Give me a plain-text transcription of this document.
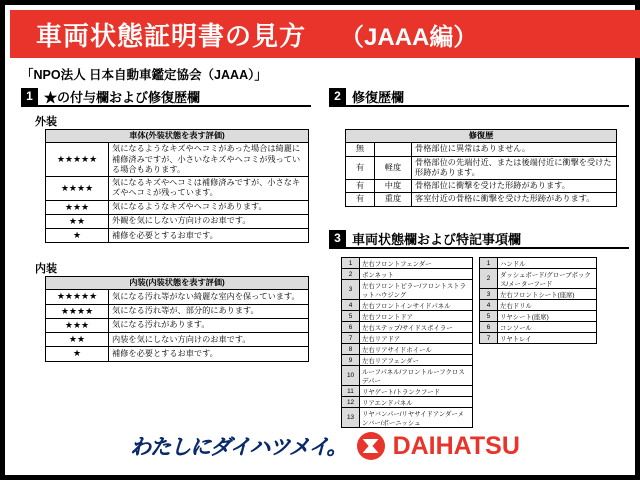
車両状態証明書の見方 （JAAA編）
「NPO法人 日本自動車鑑定協会（JAAA）」
1 ★の付与欄および修復歴欄	2 修復歴欄
3 車両状態欄および特記事項欄
外装
車体(外装状態を表す評価)	
★★★★★	気になるようなキズやヘコミがあった場合は綺麗に補修済みですが、小さいなキズやヘコミが残っている場合もあります。
★★★★	気になるキズやヘコミは補修済みですが、小さなキズやヘコミが残っています。
★★★	気になるようなキズやヘコミがあります。
★★	外観を気にしない方向けのお車です。
★	補修を必要とするお車です。
内装
内装(内装状態を表す評価)	
★★★★★	気になる汚れ等がない綺麗な室内を保っています。
★★★★	気になる汚れ等が、部分的にあります。
★★★	気になる汚れがあります。
★★	内装を気にしない方向けのお車です。
★	補修を必要とするお車です。
修復歴		
無		骨格部位に異常はありません。
有	軽度	骨格部位の先端付近、または後端付近に衝撃を受けた形跡があります。
有	中度	骨格部位に衝撃を受けた形跡があります。
有	重度	客室付近の骨格に衝撃を受けた形跡があります。
1	左右フロントフェンダー
2	ボンネット
3	左右フロントピラー/フロントストラットハウジング
4	左右フロントインサイドパネル
5	左右フロントドア
6	左右ステップ/サイドスポイラー
7	左右リアドア
8	左右リアサイドホイール
9	左右リアフェンダー
10	ルーフパネル/フロントルーフクロスデパー
11	リヤゲート/トランクフード
12	リアエンドパネル
13	リヤバンパー/リヤサイドアンダーメンバー/ボーニッシュ
1	ハンドル
2	ダッシュボード/グローブボックス/メーターフード
3	左右フロントシート(座席)
4	左右ドリル
5	リヤシート(座席)
6	コンソール
7	リヤトレイ
わたしにダイハツメイ。 DAIHATSU
